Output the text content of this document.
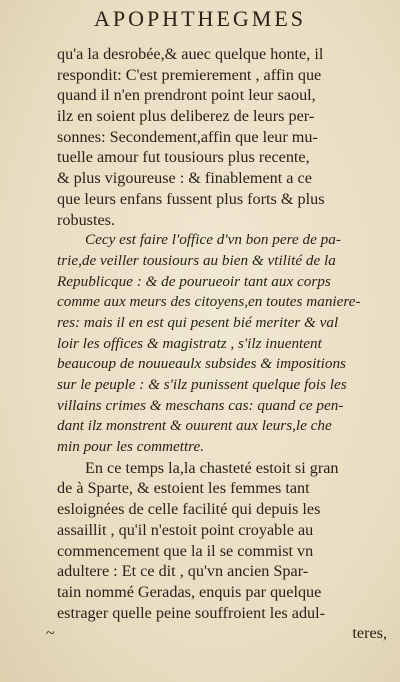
APOPHTHEGMES
qu'a la desrobée,& auec quelque honte, il
respondit: C'est premierement , affin que
quand il n'en prendront point leur saoul,
ilz en soient plus deliberez de leurs per-
sonnes: Secondement,affin que leur mu-
tuelle amour fut tousiours plus recente,
& plus vigoureuse : & finablement a ce
que leurs enfans fussent plus forts & plus
robustes.
Cecy est faire l'office d'vn bon pere de pa-
trie,de veiller tousiours au bien & vtilité de la
Republicque : & de pourueoir tant aux corps
comme aux meurs des citoyens,en toutes maniere-
res: mais il en est qui pesent bié meriter & val
loir les offices & magistratz , s'ilz inuentent
beaucoup de nouueaulx subsides & impositions
sur le peuple : & s'ilz punissent quelque fois les
villains crimes & meschans cas: quand ce pen-
dant ilz monstrent & ouurent aux leurs,le che
min pour les commettre.
En ce temps la,la chasteté estoit si gran
de à Sparte, & estoient les femmes tant
esloignées de celle facilité qui depuis les
assaillit , qu'il n'estoit point croyable au
commencement que la il se commist vn
adultere : Et ce dit , qu'vn ancien Spar-
tain nommé Geradas, enquis par quelque
estrager quelle peine souffroient les adul-
teres,
~
